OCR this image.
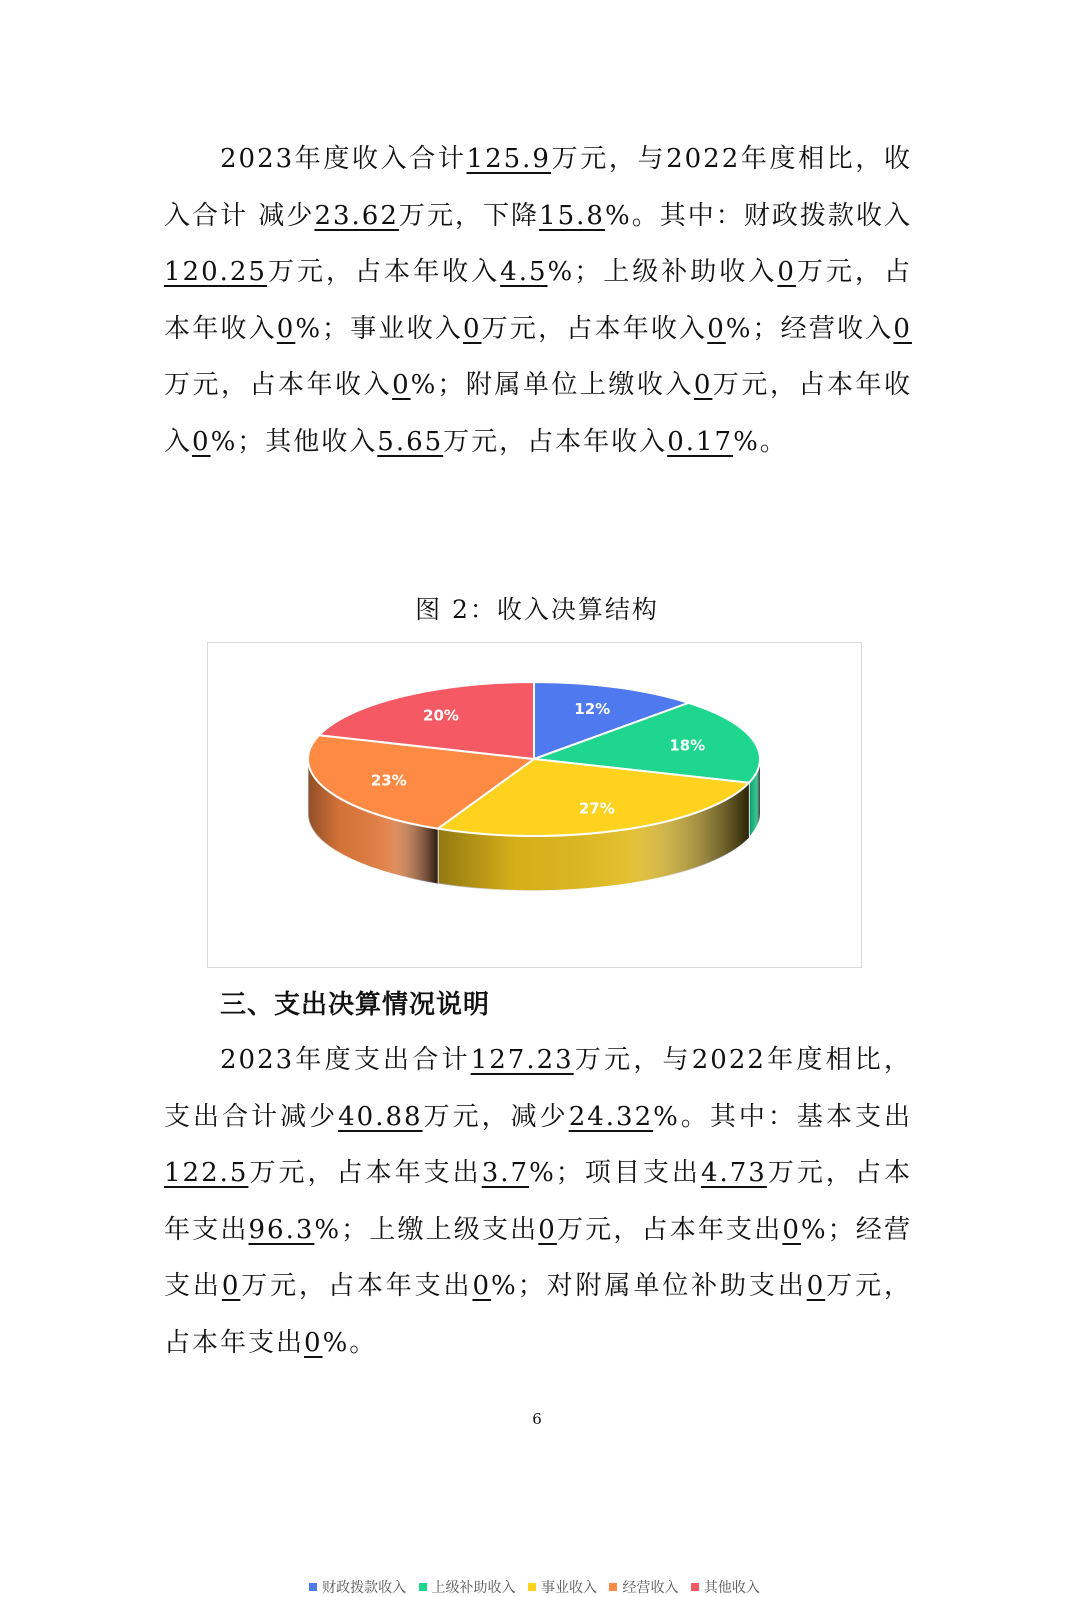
2023年度收入合计125.9万元，与2022年度相比，收入合计 减少23.62万元，下降15.8%。其中：财政拨款收入120.25万元，占本年收入4.5%；上级补助收入0万元，占本年收入0%；事业收入0万元，占本年收入0%；经营收入0万元，占本年收入0%；附属单位上缴收入0万元，占本年收入0%；其他收入5.65万元，占本年收入0.17%。

图 2：收入决算结构

12%
18%
27%
23%
20%
财政拨款收入 上级补助收入 事业收入 经营收入 其他收入
三、支出决算情况说明

2023年度支出合计127.23万元，与2022年度相比，支出合计减少40.88万元，减少24.32%。其中：基本支出122.5万元，占本年支出3.7%；项目支出4.73万元，占本年支出96.3%；上缴上级支出0万元，占本年支出0%；经营支出0万元，占本年支出0%；对附属单位补助支出0万元，占本年支出0%。

6
